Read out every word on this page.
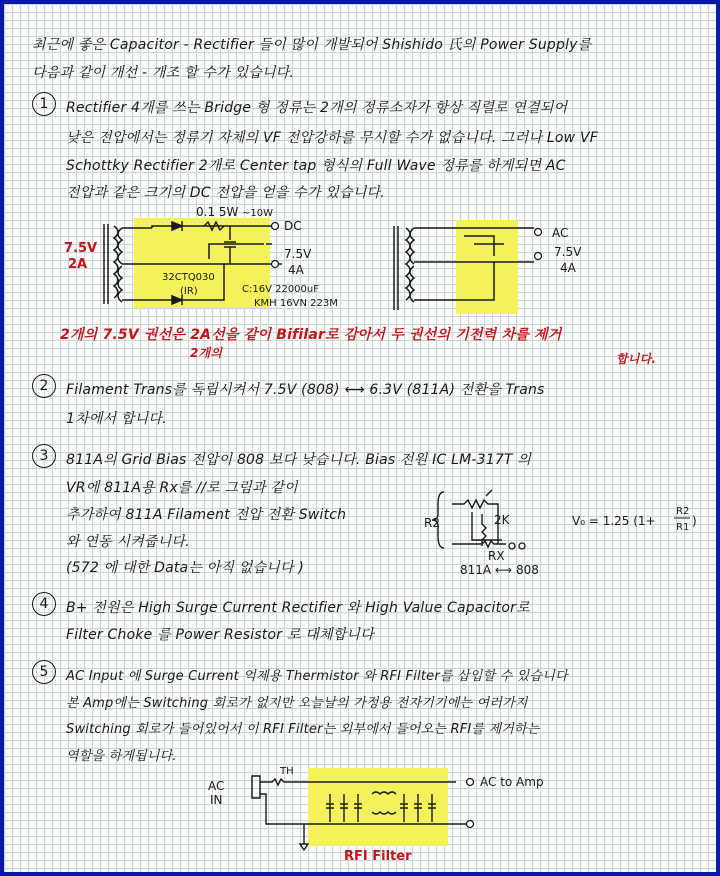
최근에 좋은 Capacitor - Rectifier 들이 많이 개발되어 Shishido 氏의 Power Supply를
다음과 같이 개선 - 개조 할 수가 있습니다.
1	Rectifier 4개를 쓰는 Bridge 형 정류는 2개의 정류소자가 항상 직렬로 연결되어
낮은 전압에서는 정류기 자체의 VF 전압강하를 무시할 수가 없습니다. 그러나 Low VF
Schottky Rectifier 2개로 Center tap 형식의 Full Wave 정류를 하게되면 AC
전압과 같은 크기의 DC 전압을 얻을 수가 있습니다.
7.5V
2A
0.1 5W ~10W
DC
7.5V
4A
32CTQ030
(IR)	C:16V 22000uF
KMH 16VN 223M
AC
7.5V
4A
R2	2K
RX
811A ⟷ 808
V₀ = 1.25 (1+
R2
R1 )
AC
IN
TH
AC to Amp
RFI Filter
2개의 7.5V 권선은 2A선을 같이 Bifilar로 감아서 두 권선의 기전력 차를 제거
2개의	합니다.
2	Filament Trans를 독립시켜서 7.5V (808) ⟷ 6.3V (811A) 전환을 Trans
1차에서 합니다.
3	811A의 Grid Bias 전압이 808 보다 낮습니다. Bias 전원 IC LM-317T 의
VR에 811A용 Rx를 //로 그림과 같이
추가하여 811A Filament 전압 전환 Switch
와 연동 시켜줍니다.
(572 에 대한 Data는 아직 없습니다 )
4	B+ 전원은 High Surge Current Rectifier 와 High Value Capacitor로
Filter Choke 를 Power Resistor 로 대체합니다
5	AC Input 에 Surge Current 억제용 Thermistor 와 RFI Filter를 삽입할 수 있습니다
본 Amp에는 Switching 회로가 없지만 오늘날의 가정용 전자기기에는 여러가지
Switching 회로가 들어있어서 이 RFI Filter는 외부에서 들어오는 RFI를 제거하는
역할을 하게됩니다.
